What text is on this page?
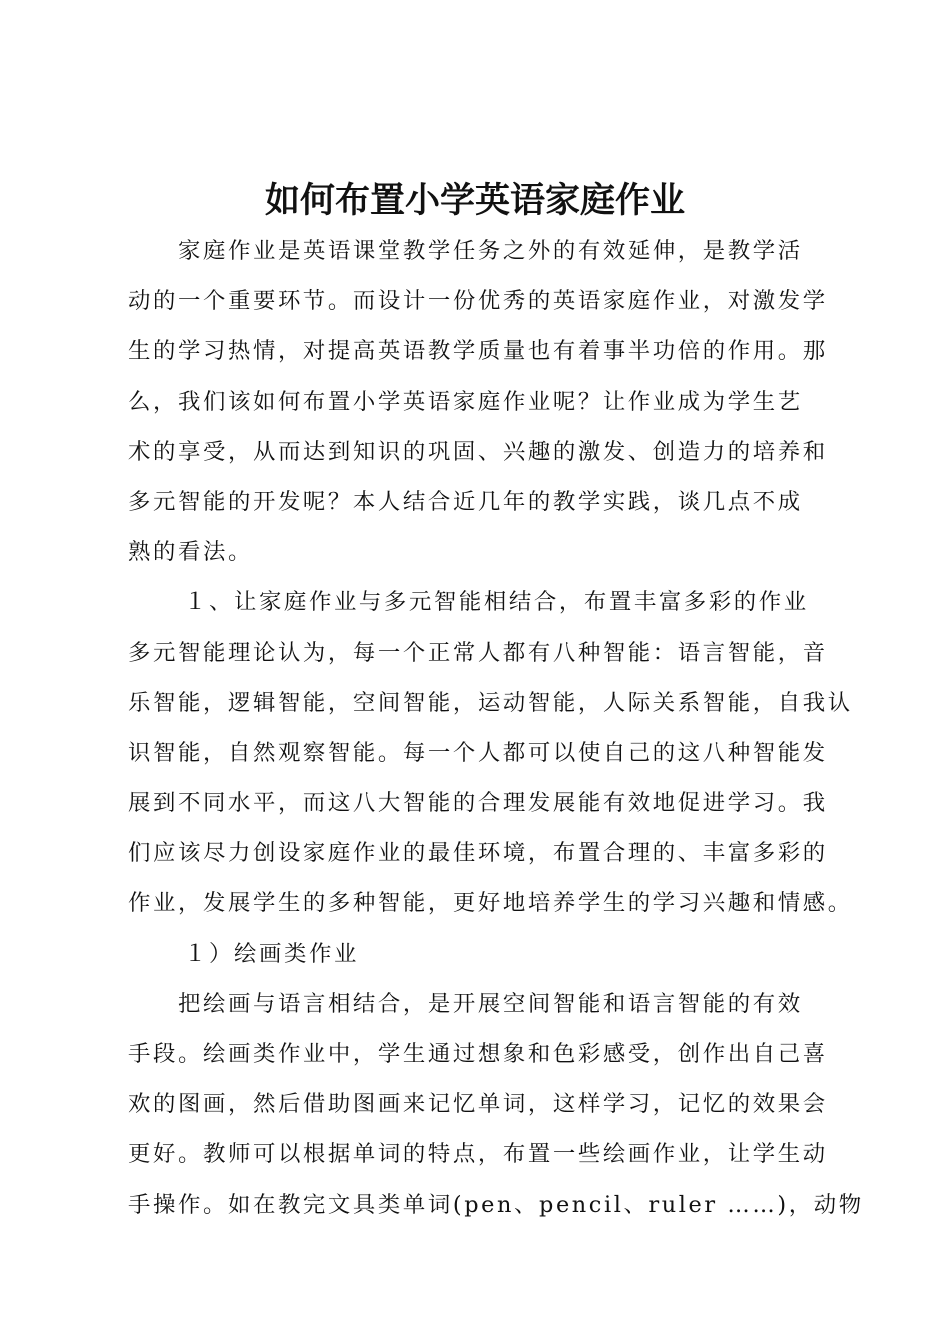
如何布置小学英语家庭作业
家庭作业是英语课堂教学任务之外的有效延伸，是教学活
动的一个重要环节。而设计一份优秀的英语家庭作业，对激发学
生的学习热情，对提高英语教学质量也有着事半功倍的作用。那
么，我们该如何布置小学英语家庭作业呢？让作业成为学生艺
术的享受，从而达到知识的巩固、兴趣的激发、创造力的培养和
多元智能的开发呢？本人结合近几年的教学实践，谈几点不成
熟的看法。
１、让家庭作业与多元智能相结合，布置丰富多彩的作业
多元智能理论认为，每一个正常人都有八种智能：语言智能，音
乐智能，逻辑智能，空间智能，运动智能，人际关系智能，自我认
识智能，自然观察智能。每一个人都可以使自己的这八种智能发
展到不同水平，而这八大智能的合理发展能有效地促进学习。我
们应该尽力创设家庭作业的最佳环境，布置合理的、丰富多彩的
作业，发展学生的多种智能，更好地培养学生的学习兴趣和情感。
１）绘画类作业
把绘画与语言相结合，是开展空间智能和语言智能的有效
手段。绘画类作业中，学生通过想象和色彩感受，创作出自己喜
欢的图画，然后借助图画来记忆单词，这样学习，记忆的效果会
更好。教师可以根据单词的特点，布置一些绘画作业，让学生动
手操作。如在教完文具类单词(pen、pencil、ruler ……)，动物
